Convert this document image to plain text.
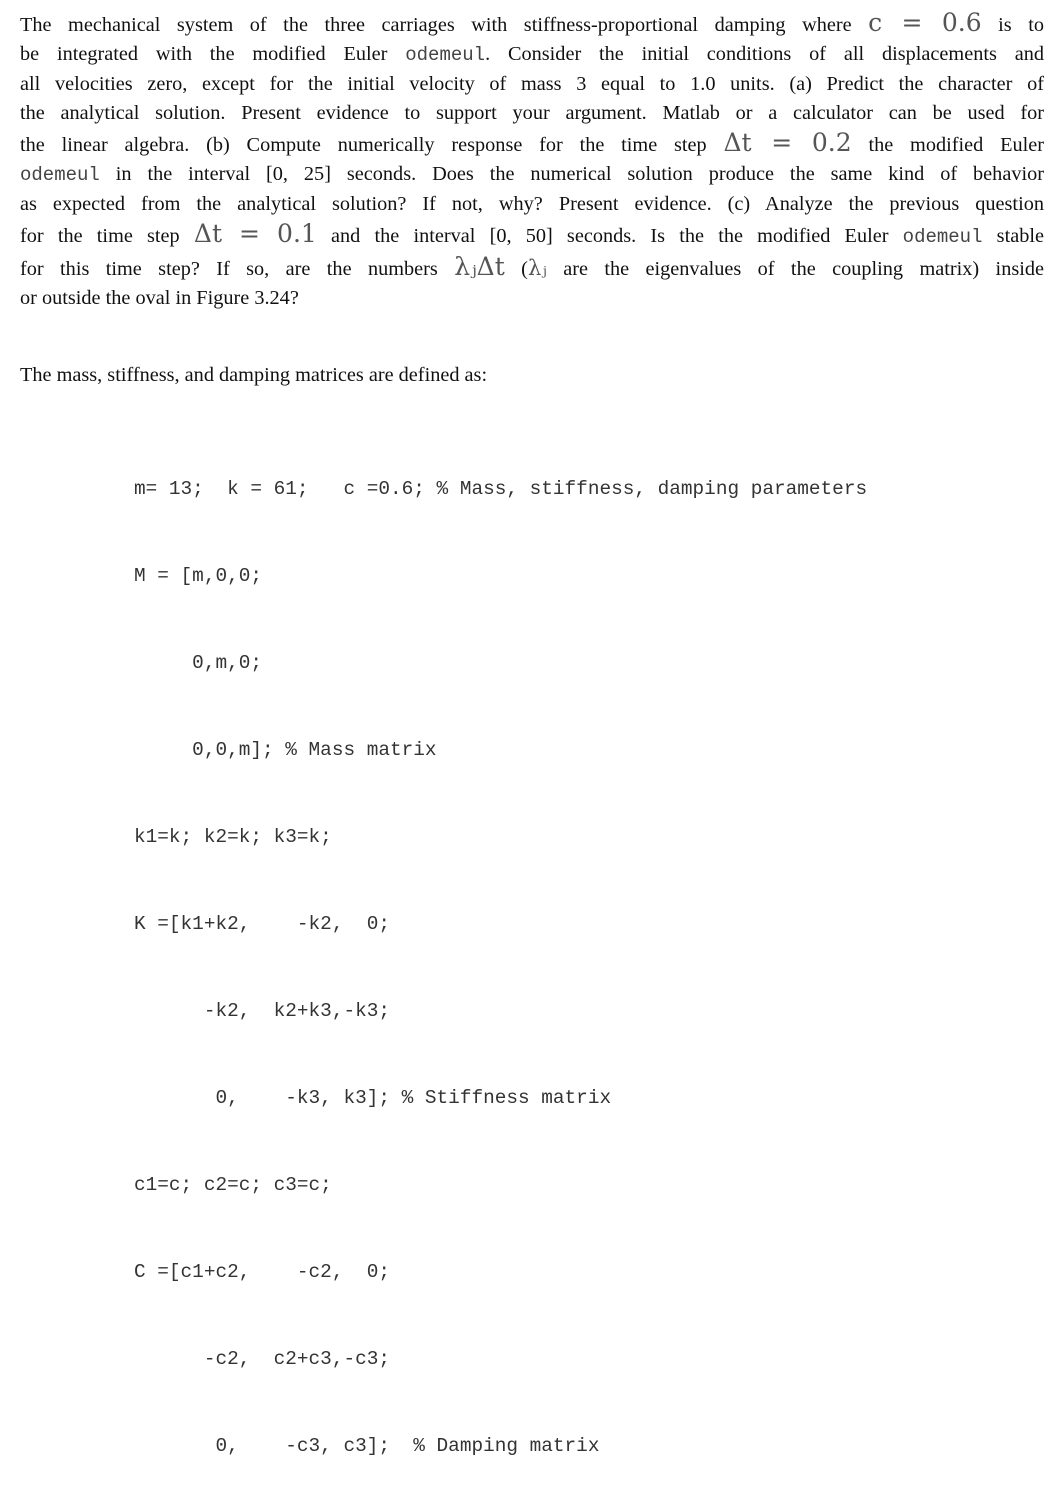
The mechanical system of the three carriages with stiffness-proportional damping where c = 0.6 is to
be integrated with the modified Euler odemeul. Consider the initial conditions of all displacements and
all velocities zero, except for the initial velocity of mass 3 equal to 1.0 units. (a) Predict the character of
the analytical solution. Present evidence to support your argument. Matlab or a calculator can be used for
the linear algebra. (b) Compute numerically response for the time step Δt = 0.2 the modified Euler
odemeul in the interval [0, 25] seconds. Does the numerical solution produce the same kind of behavior
as expected from the analytical solution? If not, why? Present evidence. (c) Analyze the previous question
for the time step Δt = 0.1 and the interval [0, 50] seconds. Is the the modified Euler odemeul stable
for this time step? If so, are the numbers λⱼΔt (λⱼ are the eigenvalues of the coupling matrix) inside
or outside the oval in Figure 3.24?

The mass, stiffness, and damping matrices are defined as:

m= 13;  k = 61;   c =0.6; % Mass, stiffness, damping parameters

M = [m,0,0;

0,m,0;

0,0,m]; % Mass matrix

k1=k; k2=k; k3=k;

K =[k1+k2,    -k2,  0;

-k2,  k2+k3,-k3;

0,    -k3, k3]; % Stiffness matrix

c1=c; c2=c; c3=c;

C =[c1+c2,    -c2,  0;

-c2,  c2+c3,-c3;

0,    -c3, c3];  % Damping matrix
